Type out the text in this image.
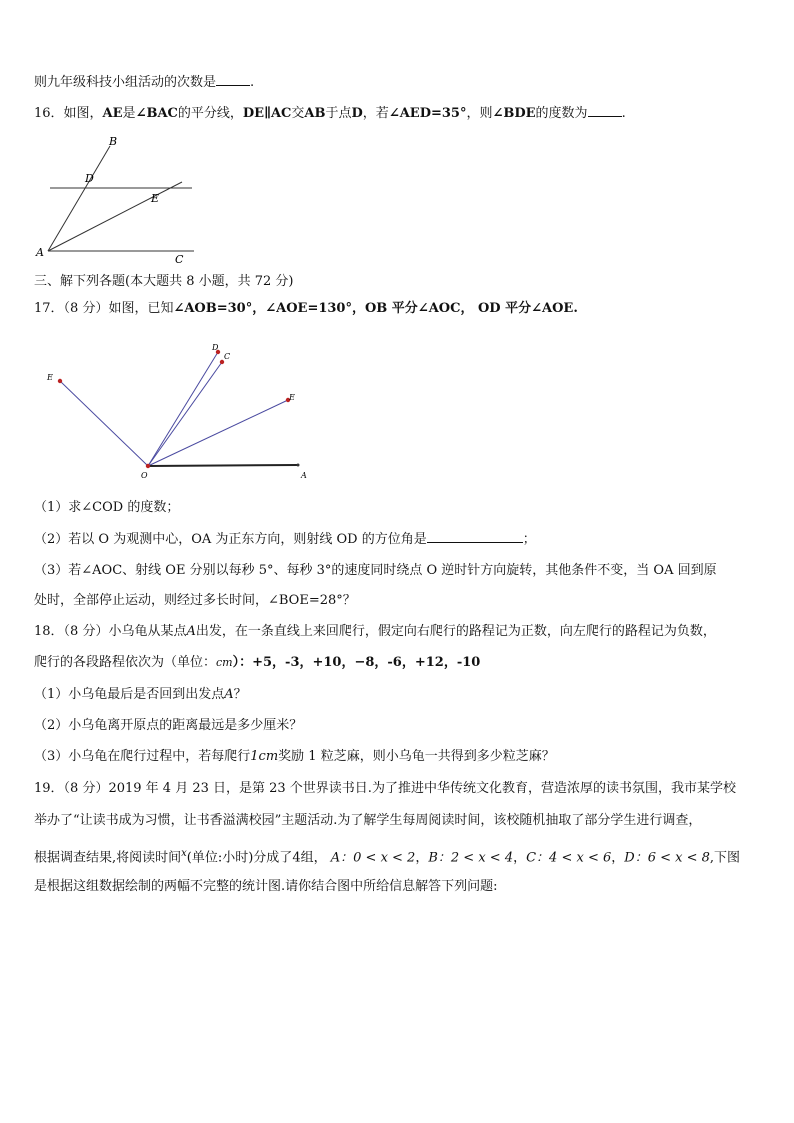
则九年级科技小组活动的次数是	.
16．如图，AE是∠BAC的平分线，DE∥AC交AB于点D，若∠AED=35°，则∠BDE的度数为	.
B
D
E
A
C
三、解下列各题(本大题共 8 小题，共 72 分)
17．（8 分）如图，已知∠AOB=30°，∠AOE=130°，OB 平分∠AOC， OD 平分∠AOE.
E
D
C
E
O	A
（1）求∠COD 的度数；
（2）若以 O 为观测中心，OA 为正东方向，则射线 OD 的方位角是	；
（3）若∠AOC、射线 OE 分别以每秒 5°、每秒 3°的速度同时绕点 O 逆时针方向旋转，其他条件不变，当 OA 回到原
处时，全部停止运动，则经过多长时间，∠BOE=28°？
18．（8 分）小乌龟从某点A出发，在一条直线上来回爬行，假定向右爬行的路程记为正数，向左爬行的路程记为负数，
爬行的各段路程依次为（单位：cm）：+5，-3，+10，−8，-6，+12，-10
（1）小乌龟最后是否回到出发点A？
（2）小乌龟离开原点的距离最远是多少厘米？
（3）小乌龟在爬行过程中，若每爬行1cm奖励 1 粒芝麻，则小乌龟一共得到多少粒芝麻？
19．（8 分）2019 年 4 月 23 日，是第 23 个世界读书日.为了推进中华传统文化教育，营造浓厚的读书氛围，我市某学校
举办了“让读书成为习惯，让书香溢满校园”主题活动.为了解学生每周阅读时间，该校随机抽取了部分学生进行调查，
根据调查结果,将阅读时间$^x$(单位:小时)分成了4组， A：0 < x < 2，B：2 < x < 4，C：4 < x < 6，D：6 < x < 8,下图
是根据这组数据绘制的两幅不完整的统计图.请你结合图中所给信息解答下列问题:
